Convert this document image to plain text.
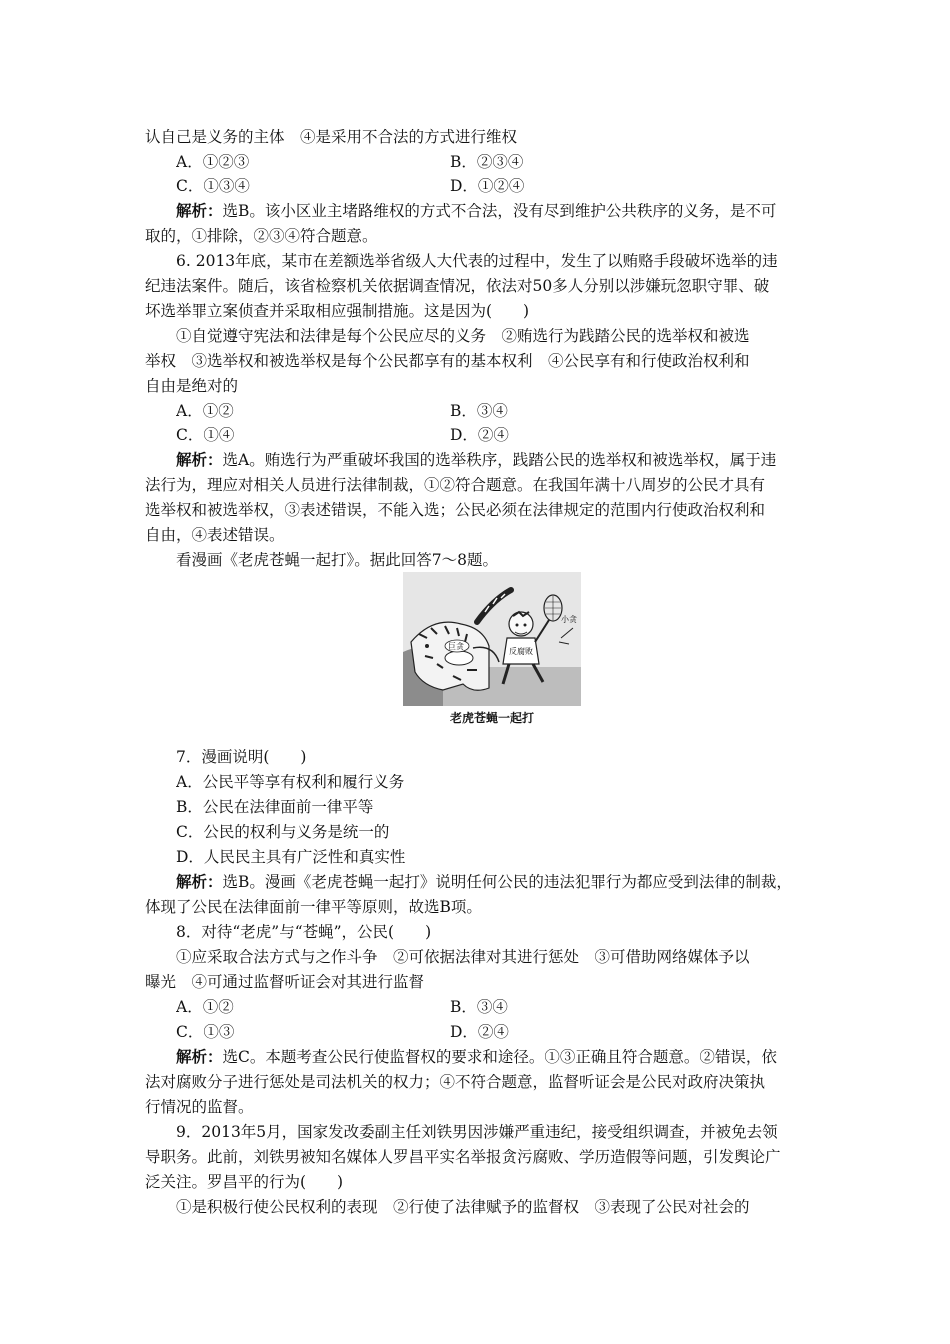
认自己是义务的主体　④是采用不合法的方式进行维权
A．①②③	B．②③④
C．①③④	D．①②④
解析：选B。该小区业主堵路维权的方式不合法，没有尽到维护公共秩序的义务，是不可
取的，①排除，②③④符合题意。
6. 2013年底，某市在差额选举省级人大代表的过程中，发生了以贿赂手段破坏选举的违
纪违法案件。随后，该省检察机关依据调查情况，依法对50多人分别以涉嫌玩忽职守罪、破
坏选举罪立案侦查并采取相应强制措施。这是因为(　　)
①自觉遵守宪法和法律是每个公民应尽的义务　②贿选行为践踏公民的选举权和被选
举权　③选举权和被选举权是每个公民都享有的基本权利　④公民享有和行使政治权利和
自由是绝对的
A．①②	B．③④
C．①④	D．②④
解析：选A。贿选行为严重破坏我国的选举秩序，践踏公民的选举权和被选举权，属于违
法行为，理应对相关人员进行法律制裁，①②符合题意。在我国年满十八周岁的公民才具有
选举权和被选举权，③表述错误，不能入选；公民必须在法律规定的范围内行使政治权利和
自由，④表述错误。
看漫画《老虎苍蝇一起打》。据此回答7～8题。
小贪
巨贪
反腐败
老虎苍蝇一起打
7．漫画说明(　　)
A．公民平等享有权利和履行义务
B．公民在法律面前一律平等
C．公民的权利与义务是统一的
D．人民民主具有广泛性和真实性
解析：选B。漫画《老虎苍蝇一起打》说明任何公民的违法犯罪行为都应受到法律的制裁，
体现了公民在法律面前一律平等原则，故选B项。
8．对待“老虎”与“苍蝇”，公民(　　)
①应采取合法方式与之作斗争　②可依据法律对其进行惩处　③可借助网络媒体予以
曝光　④可通过监督听证会对其进行监督
A．①②	B．③④
C．①③	D．②④
解析：选C。本题考查公民行使监督权的要求和途径。①③正确且符合题意。②错误，依
法对腐败分子进行惩处是司法机关的权力；④不符合题意，监督听证会是公民对政府决策执
行情况的监督。
9．2013年5月，国家发改委副主任刘铁男因涉嫌严重违纪，接受组织调查，并被免去领
导职务。此前，刘铁男被知名媒体人罗昌平实名举报贪污腐败、学历造假等问题，引发舆论广
泛关注。罗昌平的行为(　　)
①是积极行使公民权利的表现　②行使了法律赋予的监督权　③表现了公民对社会的
